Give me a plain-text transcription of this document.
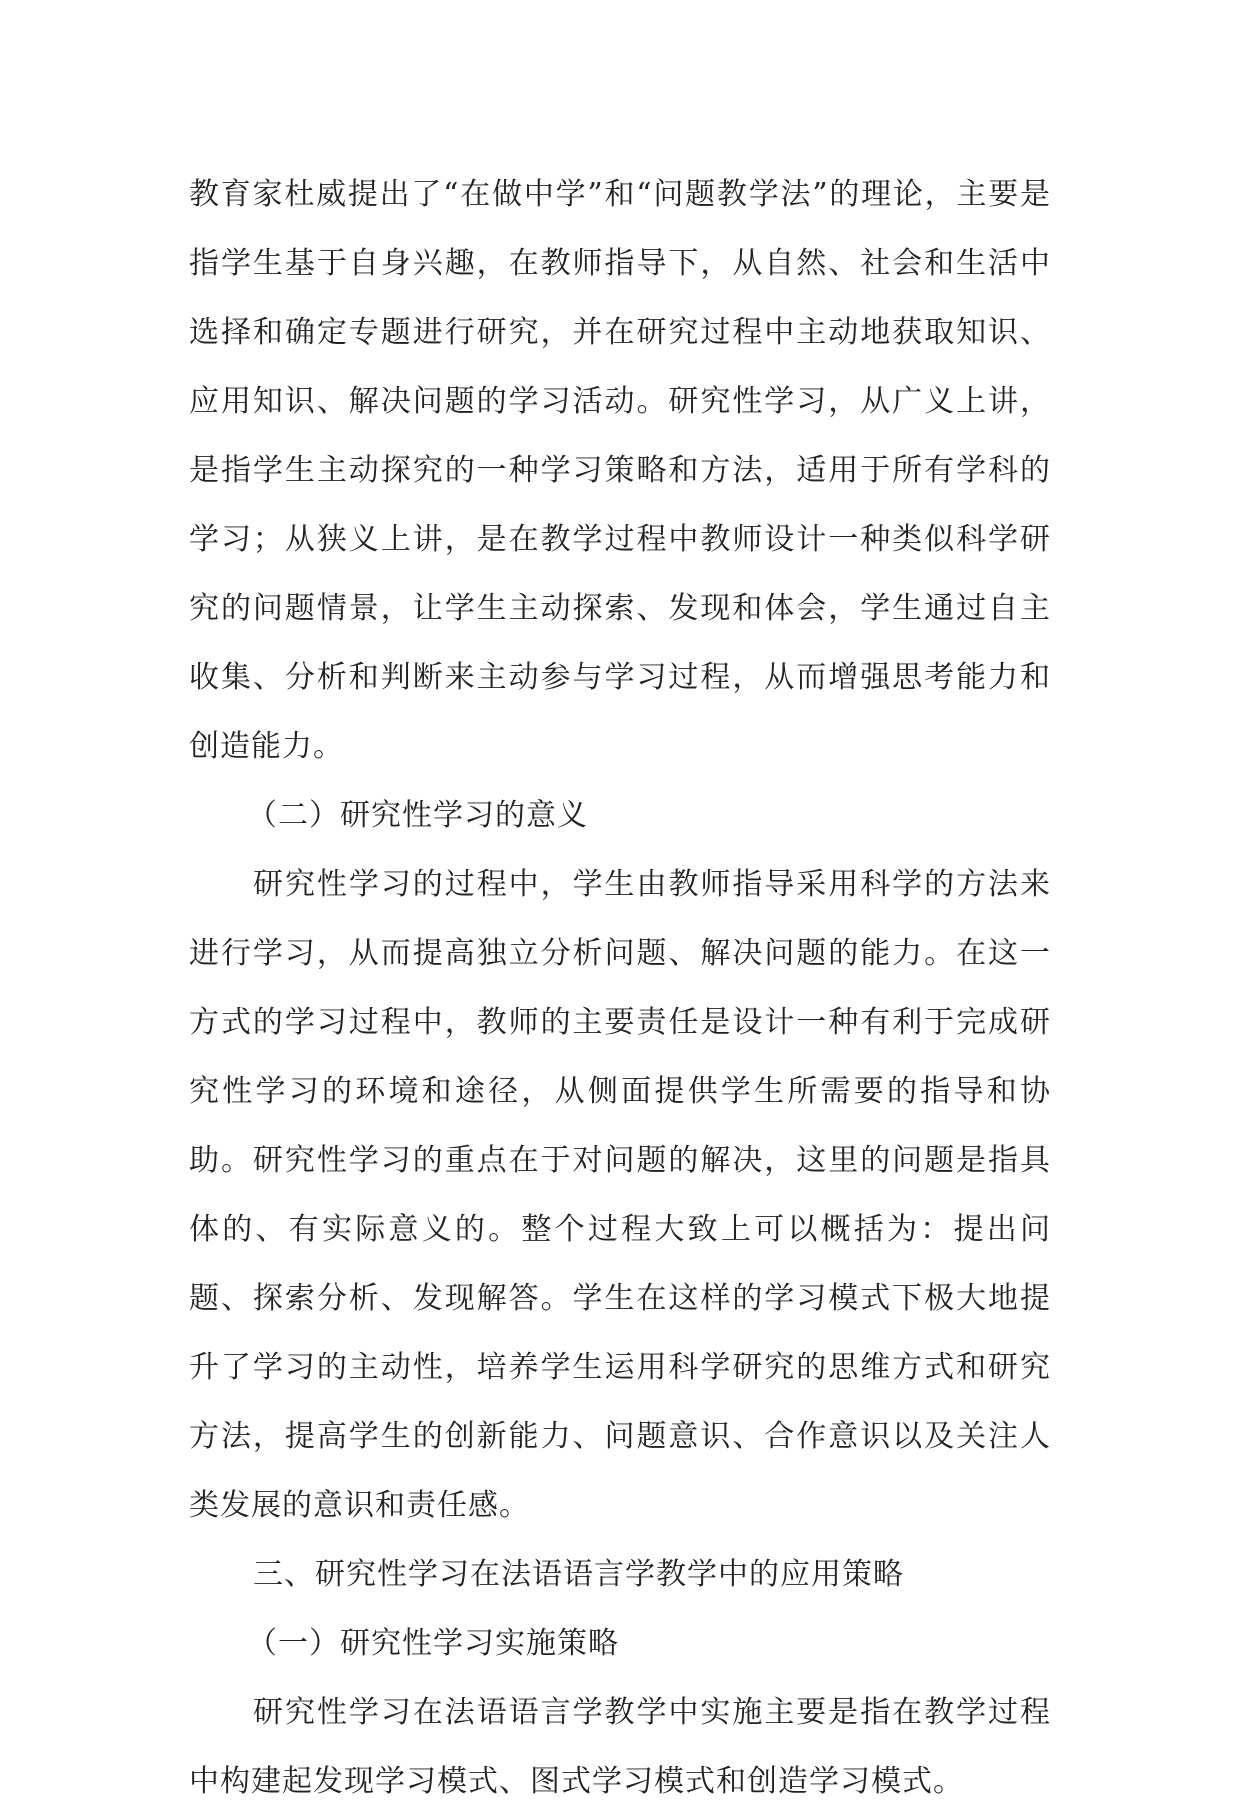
教育家杜威提出了“在做中学”和“问题教学法”的理论，主要是指学生基于自身兴趣，在教师指导下，从自然、社会和生活中选择和确定专题进行研究，并在研究过程中主动地获取知识、应用知识、解决问题的学习活动。研究性学习，从广义上讲，是指学生主动探究的一种学习策略和方法，适用于所有学科的学习；从狭义上讲，是在教学过程中教师设计一种类似科学研究的问题情景，让学生主动探索、发现和体会，学生通过自主收集、分析和判断来主动参与学习过程，从而增强思考能力和创造能力。

（二）研究性学习的意义

研究性学习的过程中，学生由教师指导采用科学的方法来进行学习，从而提高独立分析问题、解决问题的能力。在这一方式的学习过程中，教师的主要责任是设计一种有利于完成研究性学习的环境和途径，从侧面提供学生所需要的指导和协助。研究性学习的重点在于对问题的解决，这里的问题是指具体的、有实际意义的。整个过程大致上可以概括为：提出问题、探索分析、发现解答。学生在这样的学习模式下极大地提升了学习的主动性，培养学生运用科学研究的思维方式和研究方法，提高学生的创新能力、问题意识、合作意识以及关注人类发展的意识和责任感。

三、研究性学习在法语语言学教学中的应用策略

（一）研究性学习实施策略

研究性学习在法语语言学教学中实施主要是指在教学过程中构建起发现学习模式、图式学习模式和创造学习模式。
